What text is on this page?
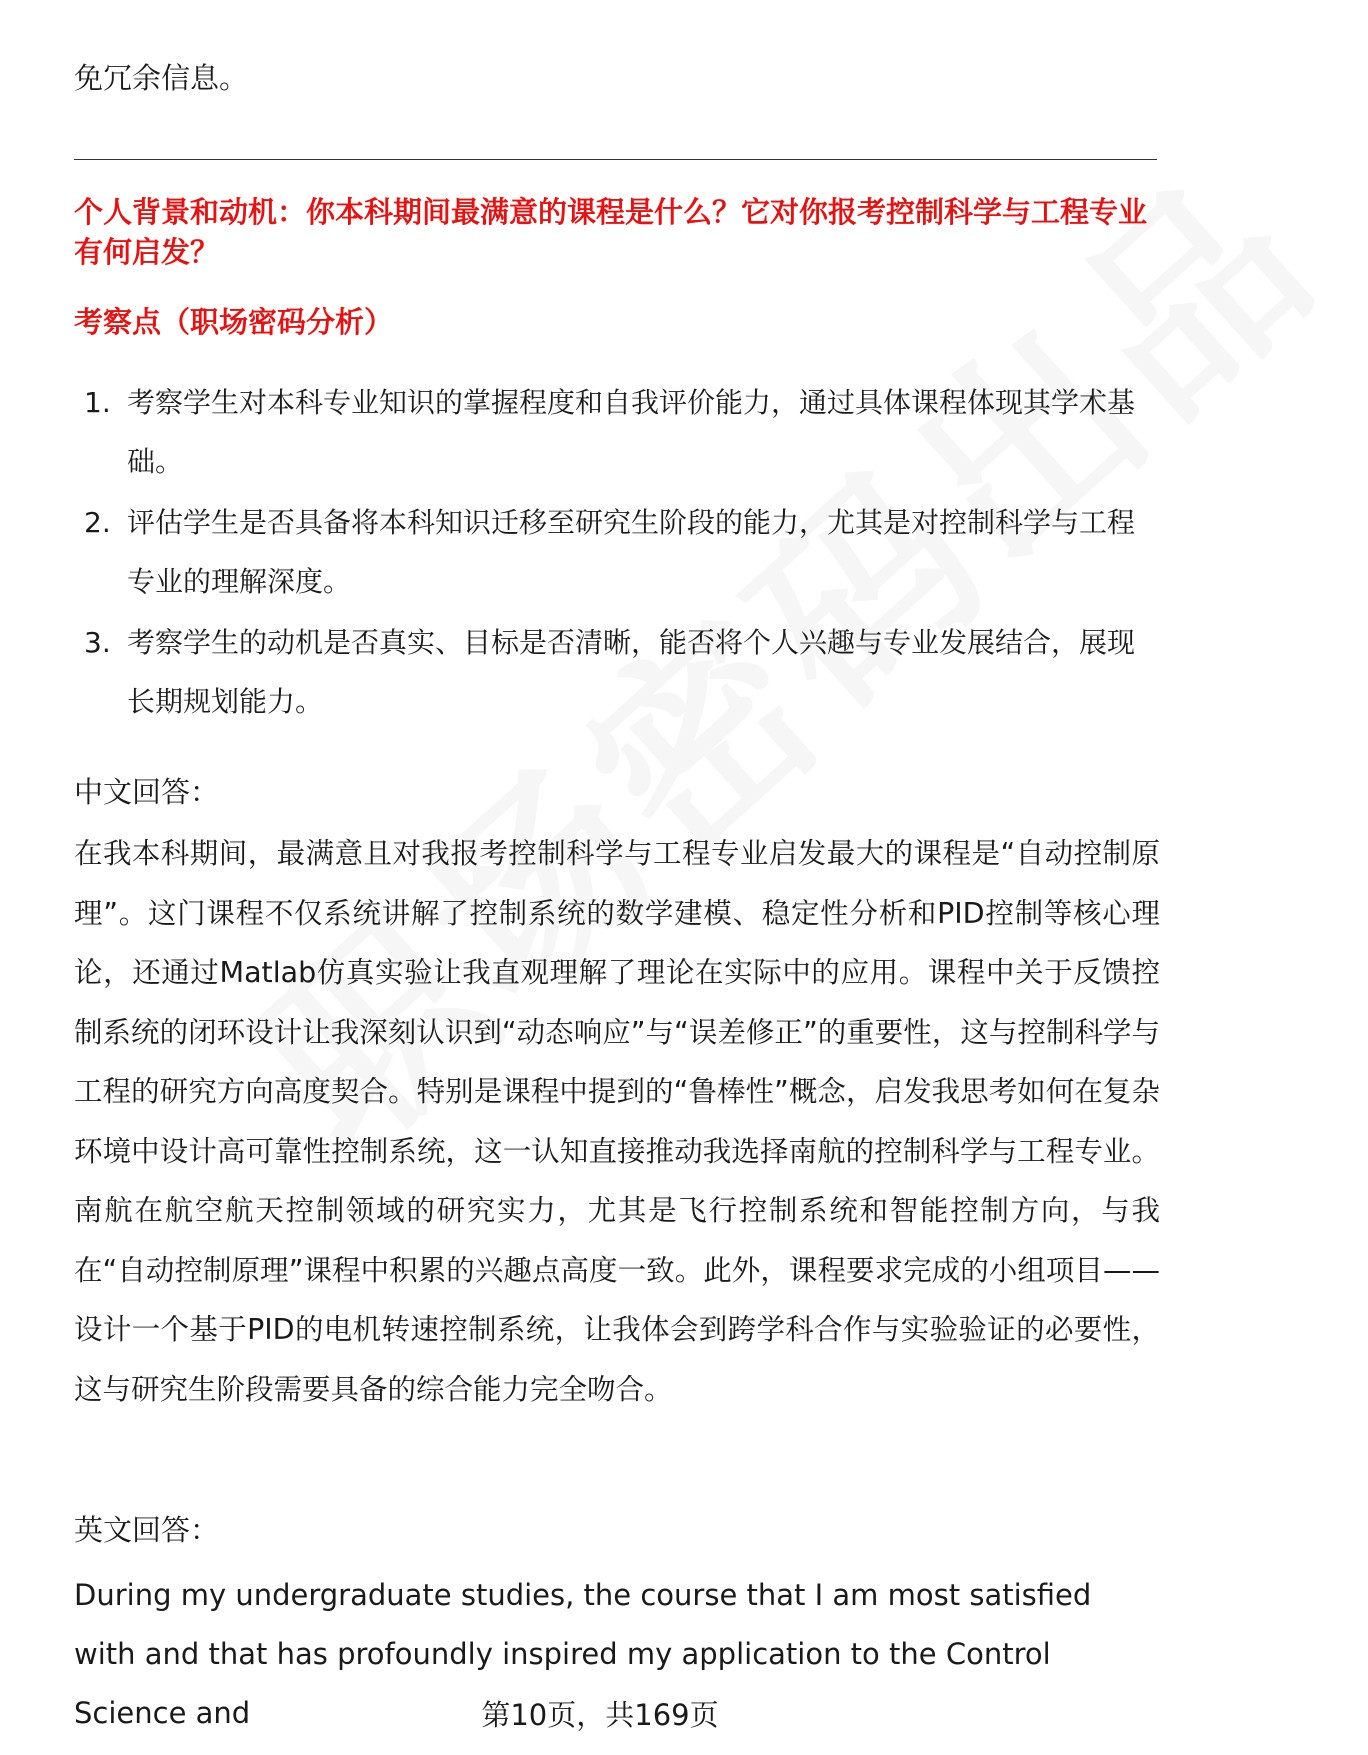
免冗余信息。
个人背景和动机：你本科期间最满意的课程是什么？它对你报考控制科学与工程专业有何启发？
考察点（职场密码分析）
1. 考察学生对本科专业知识的掌握程度和自我评价能力，通过具体课程体现其学术基础。
2. 评估学生是否具备将本科知识迁移至研究生阶段的能力，尤其是对控制科学与工程专业的理解深度。
3. 考察学生的动机是否真实、目标是否清晰，能否将个人兴趣与专业发展结合，展现长期规划能力。
中文回答：
在我本科期间，最满意且对我报考控制科学与工程专业启发最大的课程是“自动控制原理”。这门课程不仅系统讲解了控制系统的数学建模、稳定性分析和PID控制等核心理论，还通过Matlab仿真实验让我直观理解了理论在实际中的应用。课程中关于反馈控制系统的闭环设计让我深刻认识到“动态响应”与“误差修正”的重要性，这与控制科学与工程的研究方向高度契合。特别是课程中提到的“鲁棒性”概念，启发我思考如何在复杂环境中设计高可靠性控制系统，这一认知直接推动我选择南航的控制科学与工程专业。南航在航空航天控制领域的研究实力，尤其是飞行控制系统和智能控制方向，与我在“自动控制原理”课程中积累的兴趣点高度一致。此外，课程要求完成的小组项目——设计一个基于PID的电机转速控制系统，让我体会到跨学科合作与实验验证的必要性，这与研究生阶段需要具备的综合能力完全吻合。
英文回答：
During my undergraduate studies, the course that I am most satisfied with and that has profoundly inspired my application to the Control Science and	第10页，共169页
